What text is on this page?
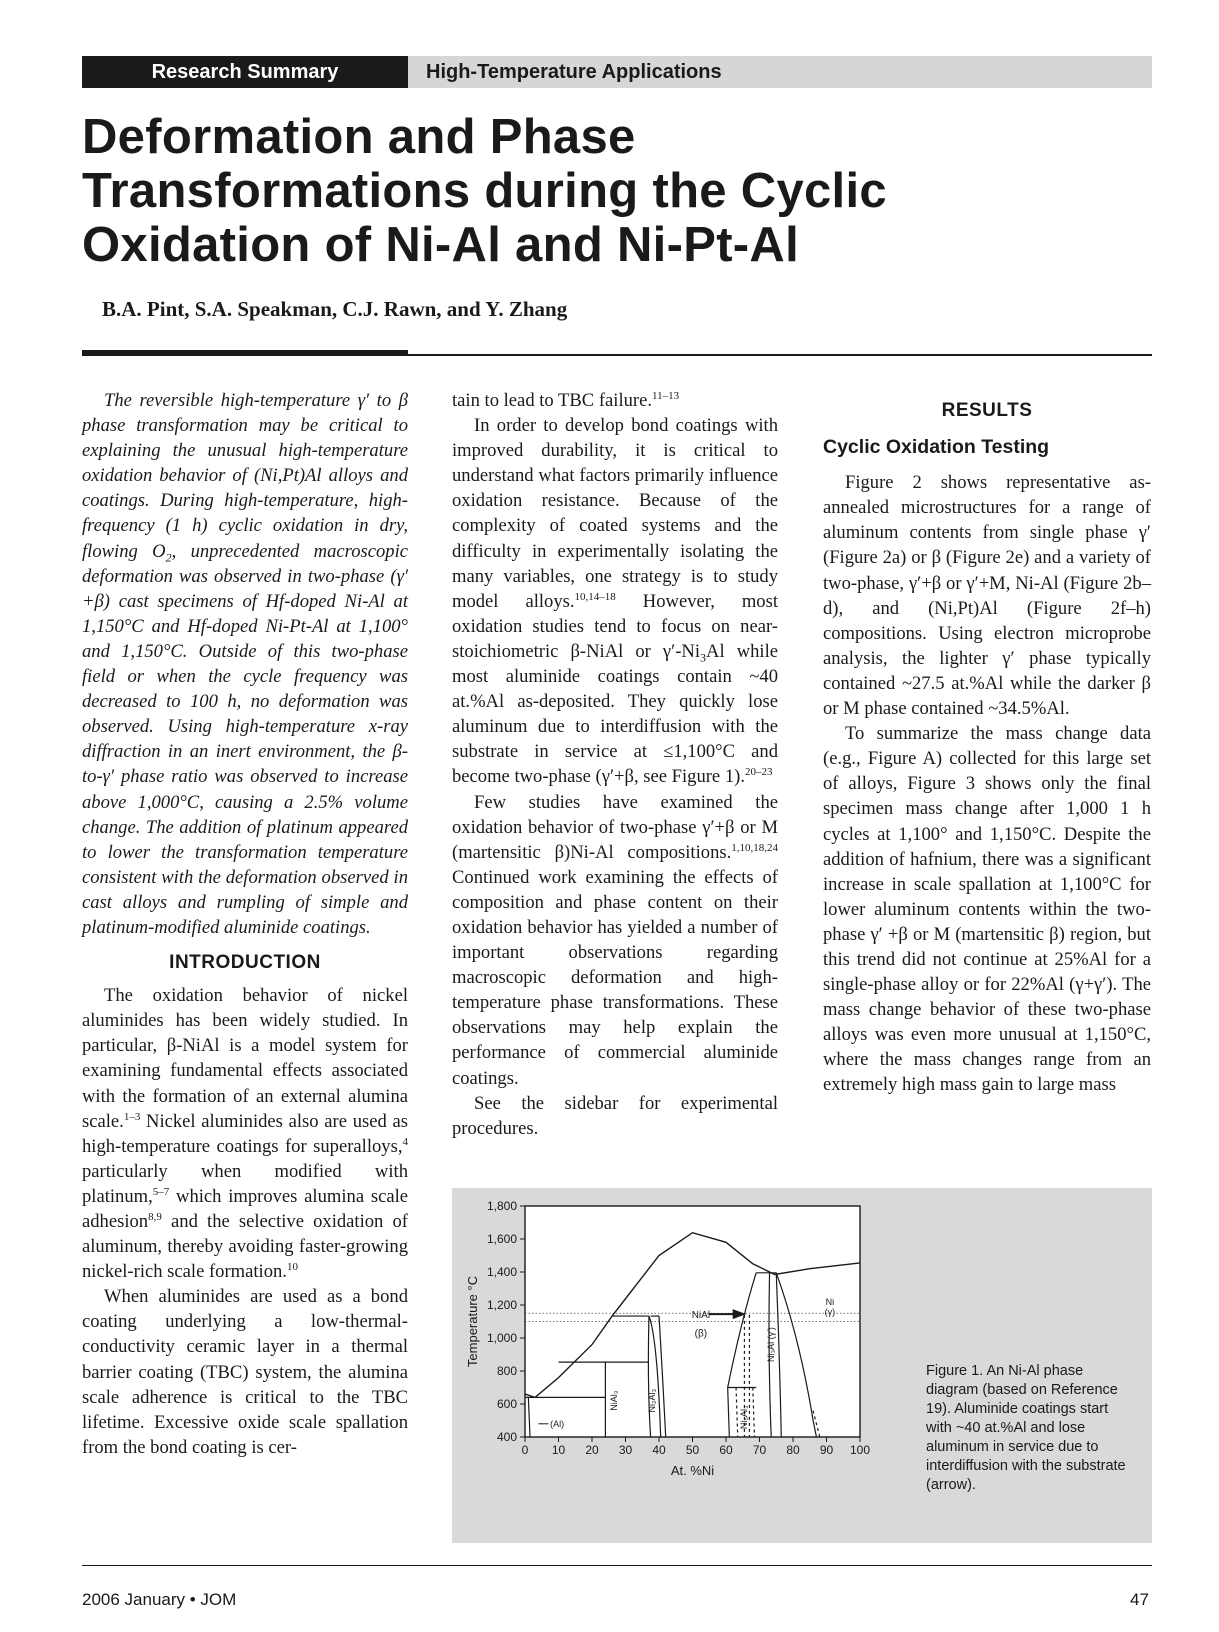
Research Summary	High-Temperature Applications
Deformation and Phase
Transformations during the Cyclic
Oxidation of Ni-Al and Ni-Pt-Al
B.A. Pint, S.A. Speakman, C.J. Rawn, and Y. Zhang

The reversible high-temperature γ′ to β phase transformation may be critical to explaining the unusual high-temperature oxidation behavior of (Ni,Pt)Al alloys and coatings. During high-temperature, high-frequency (1 h) cyclic oxidation in dry, flowing $O_2$, unprecedented macroscopic deformation was observed in two-phase (γ′+β) cast specimens of Hf-doped Ni-Al at 1,150°C and Hf-doped Ni-Pt-Al at 1,100° and 1,150°C. Outside of this two-phase field or when the cycle frequency was decreased to 100 h, no deformation was observed. Using high-temperature x-ray diffraction in an inert environment, the β-to-γ′ phase ratio was observed to increase above 1,000°C, causing a 2.5% volume change. The addition of platinum appeared to lower the transformation temperature consistent with the deformation observed in cast alloys and rumpling of simple and platinum-modified aluminide coatings.

INTRODUCTION

The oxidation behavior of nickel aluminides has been widely studied. In particular, β-NiAl is a model system for examining fundamental effects associated with the formation of an external alumina scale.$^{1-3}$ Nickel aluminides also are used as high-temperature coatings for superalloys,$^4$ particularly when modified with platinum,$^{5-7}$ which improves alumina scale adhesion$^{8,9}$ and the selective oxidation of aluminum, thereby avoiding faster-growing nickel-rich scale formation.$^{10}$

When aluminides are used as a bond coating underlying a low-thermal-conductivity ceramic layer in a thermal barrier coating (TBC) system, the alumina scale adherence is critical to the TBC lifetime. Excessive oxide scale spallation from the bond coating is cer-

tain to lead to TBC failure.$^{11-13}$

In order to develop bond coatings with improved durability, it is critical to understand what factors primarily influence oxidation resistance. Because of the complexity of coated systems and the difficulty in experimentally isolating the many variables, one strategy is to study model alloys.$^{10,14-18}$ However, most oxidation studies tend to focus on near-stoichiometric β-NiAl or $\gamma'-Ni_3Al$ while most aluminide coatings contain ~40 at.%Al as-deposited. They quickly lose aluminum due to interdiffusion with the substrate in service at ≤1,100°C and become two-phase (γ′+β, see Figure 1).$^{20-23}$

Few studies have examined the oxidation behavior of two-phase γ′+β or M (martensitic β)Ni-Al compositions.$^{1,10,18,24}$ Continued work examining the effects of composition and phase content on their oxidation behavior has yielded a number of important observations regarding macroscopic deformation and high-temperature phase transformations. These observations may help explain the performance of commercial aluminide coatings.

See the sidebar for experimental procedures.

RESULTS
Cyclic Oxidation Testing

Figure 2 shows representative as-annealed microstructures for a range of aluminum contents from single phase γ′ (Figure 2a) or β (Figure 2e) and a variety of two-phase, γ′+β or γ′+M, Ni-Al (Figure 2b–d), and (Ni,Pt)Al (Figure 2f–h) compositions. Using electron microprobe analysis, the lighter γ′ phase typically contained ~27.5 at.%Al while the darker β or M phase contained ~34.5%Al.

To summarize the mass change data (e.g., Figure A) collected for this large set of alloys, Figure 3 shows only the final specimen mass change after 1,000 1 h cycles at 1,100° and 1,150°C. Despite the addition of hafnium, there was a significant increase in scale spallation at 1,100°C for lower aluminum contents within the two-phase γ′ +β or M (martensitic β) region, but this trend did not continue at 25%Al for a single-phase alloy or for 22%Al (γ+γ′). The mass change behavior of these two-phase alloys was even more unusual at 1,150°C, where the mass changes range from an extremely high mass gain to large mass

400
600
800
1,000
1,200
1,400
1,600
1,800
0 10 20 30 40 50 60 70 80 90 100
At. %Ni
Temperature °C	NiAl
(β)
Ni
(γ)
NiAl₃	Ni₂Al₃
Ni₃Al (γ')
Ni₅Al₃
(Al)
Figure 1. An Ni-Al phase diagram (based on Reference 19). Aluminide coatings start with ~40 at.%Al and lose aluminum in service due to interdiffusion with the substrate (arrow).
2006 January • JOM	47
